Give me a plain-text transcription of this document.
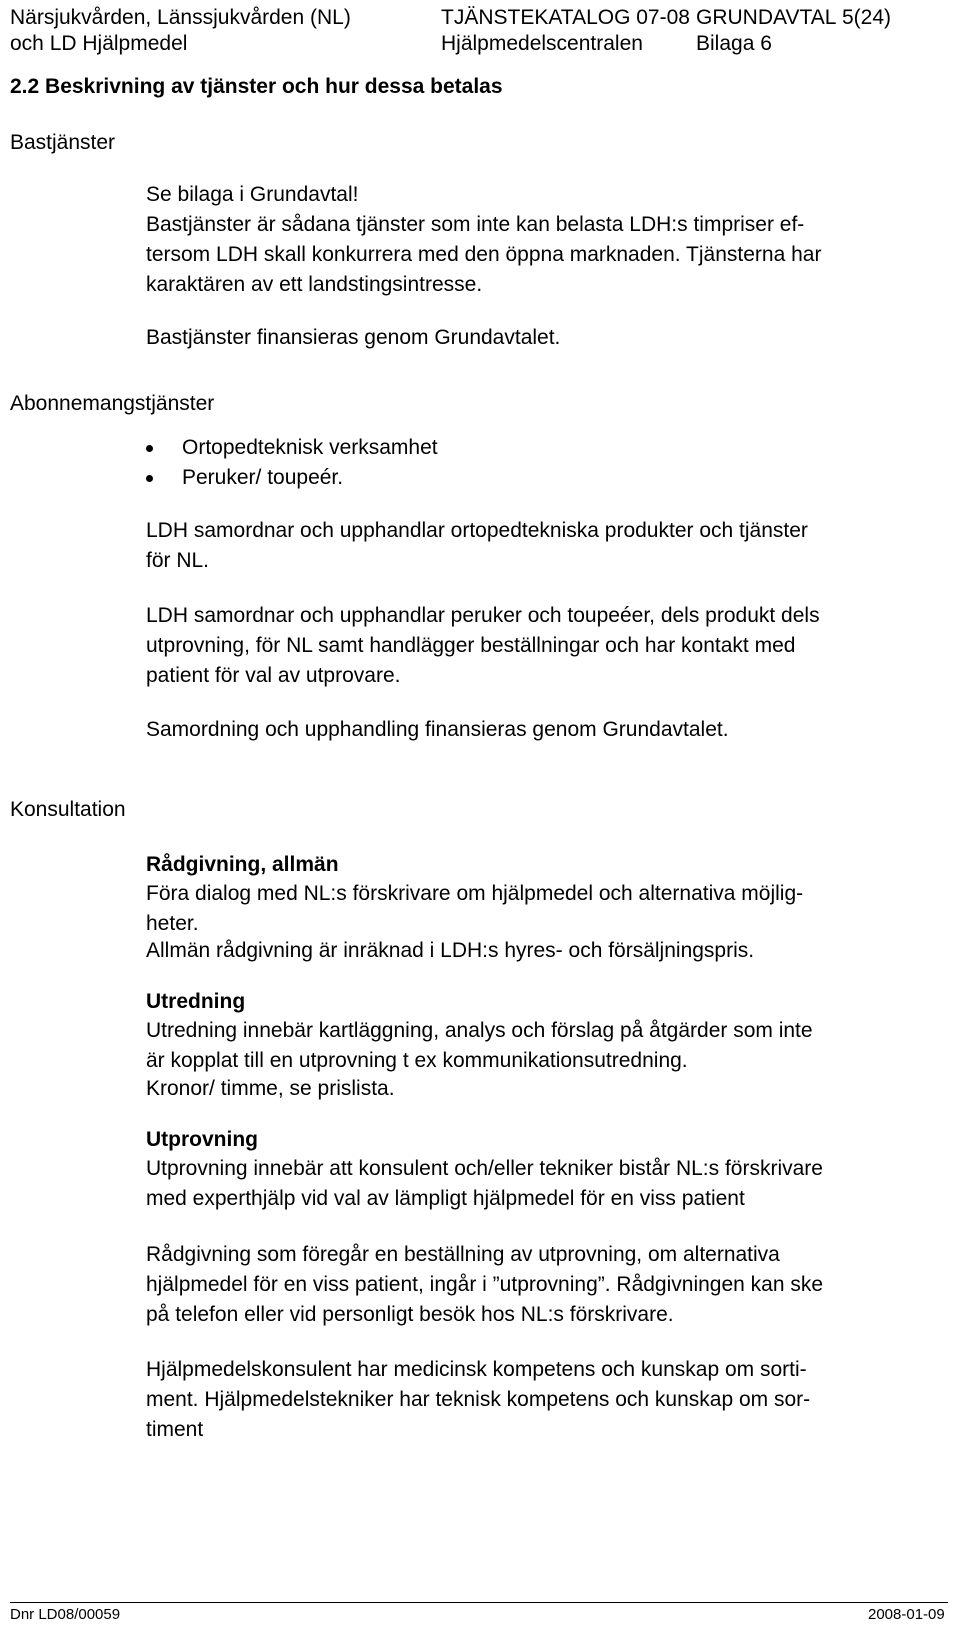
Närsjukvården, Länssjukvården (NL)
och LD Hjälpmedel
TJÄNSTEKATALOG 07-08
Hjälpmedelscentralen
GRUNDAVTAL
Bilaga 6
5(24)
2.2 Beskrivning av tjänster och hur dessa betalas
Bastjänster
Abonnemangstjänster
Konsultation
Se bilaga i Grundavtal!
Bastjänster är sådana tjänster som inte kan belasta LDH:s timpriser ef-
tersom LDH skall konkurrera med den öppna marknaden. Tjänsterna har
karaktären av ett landstingsintresse.
Bastjänster finansieras genom Grundavtalet.
Ortopedteknisk verksamhet
Peruker/ toupeér.
LDH samordnar och upphandlar ortopedtekniska produkter och tjänster
för NL.
LDH samordnar och upphandlar peruker och toupeéer, dels produkt dels
utprovning, för NL samt handlägger beställningar och har kontakt med
patient för val av utprovare.
Samordning och upphandling finansieras genom Grundavtalet.
Rådgivning, allmän
Föra dialog med NL:s förskrivare om hjälpmedel och alternativa möjlig-
heter.
Allmän rådgivning är inräknad i LDH:s hyres- och försäljningspris.
Utredning
Utredning innebär kartläggning, analys och förslag på åtgärder som inte
är kopplat till en utprovning t ex kommunikationsutredning.
Kronor/ timme, se prislista.
Utprovning
Utprovning innebär att konsulent och/eller tekniker bistår NL:s förskrivare
med experthjälp vid val av lämpligt hjälpmedel för en viss patient
Rådgivning som föregår en beställning av utprovning, om alternativa
hjälpmedel för en viss patient, ingår i ”utprovning”. Rådgivningen kan ske
på telefon eller vid personligt besök hos NL:s förskrivare.
Hjälpmedelskonsulent har medicinsk kompetens och kunskap om sorti-
ment. Hjälpmedelstekniker har teknisk kompetens och kunskap om sor-
timent
Dnr LD08/00059	2008-01-09
